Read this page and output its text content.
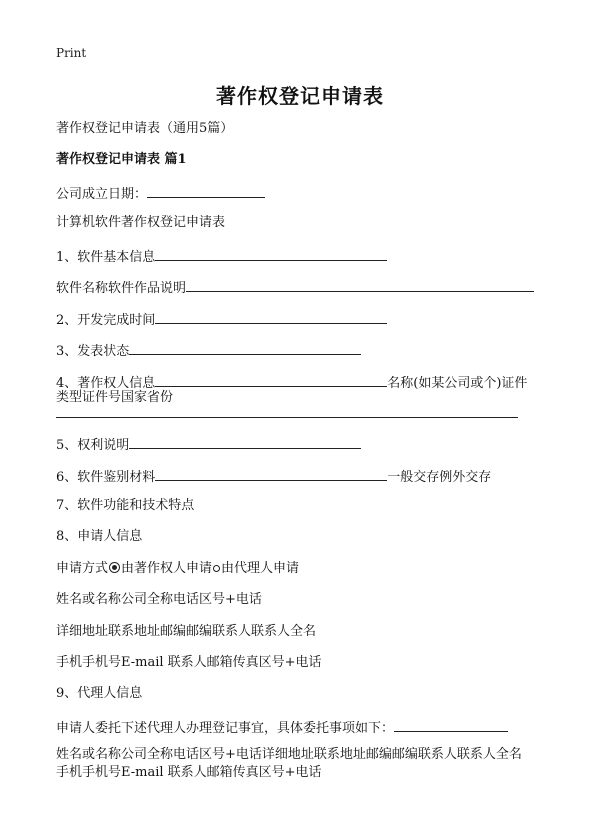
Print
著作权登记申请表
著作权登记申请表（通用5篇）
著作权登记申请表 篇1
公司成立日期：
计算机软件著作权登记申请表
1、软件基本信息
软件名称软件作品说明
2、开发完成时间
3、发表状态
4、著作权人信息	名称(如某公司或个)证件
类型证件号国家省份
5、权利说明
6、软件鉴别材料	一般交存例外交存
7、软件功能和技术特点
8、申请人信息
申请方式 由著作权人申请 由代理人申请
姓名或名称公司全称电话区号+电话
详细地址联系地址邮编邮编联系人联系人全名
手机手机号E-mail 联系人邮箱传真区号+电话
9、代理人信息
申请人委托下述代理人办理登记事宜，具体委托事项如下：
姓名或名称公司全称电话区号+电话详细地址联系地址邮编邮编联系人联系人全名
手机手机号E-mail 联系人邮箱传真区号+电话
